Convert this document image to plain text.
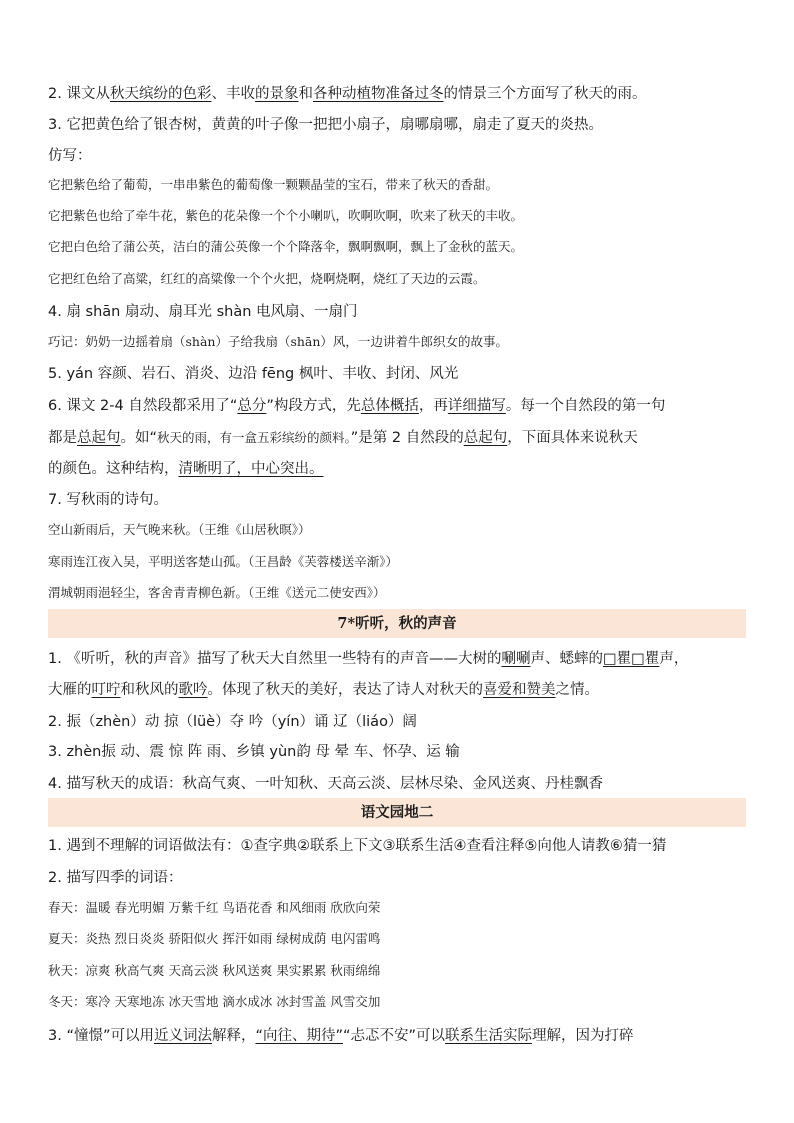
2. 课文从秋天缤纷的色彩、丰收的景象和各种动植物准备过冬的情景三个方面写了秋天的雨。
3. 它把黄色给了银杏树，黄黄的叶子像一把把小扇子，扇哪扇哪，扇走了夏天的炎热。
仿写：
它把紫色给了葡萄，一串串紫色的葡萄像一颗颗晶莹的宝石，带来了秋天的香甜。
它把紫色也给了牵牛花，紫色的花朵像一个个小喇叭，吹啊吹啊，吹来了秋天的丰收。
它把白色给了蒲公英，洁白的蒲公英像一个个降落伞，飘啊飘啊，飘上了金秋的蓝天。
它把红色给了高粱，红红的高粱像一个个火把，烧啊烧啊，烧红了天边的云霞。
4. 扇 shān 扇动、扇耳光 shàn 电风扇、一扇门
巧记：奶奶一边摇着扇（shàn）子给我扇（shān）风，一边讲着牛郎织女的故事。
5. yán 容颜、岩石、消炎、边沿 fēng 枫叶、丰收、封闭、风光
6. 课文 2-4 自然段都采用了“总分”构段方式，先总体概括，再详细描写。每一个自然段的第一句
都是总起句。如“秋天的雨，有一盒五彩缤纷的颜料。”是第 2 自然段的总起句，下面具体来说秋天
的颜色。这种结构，清晰明了，中心突出。
7. 写秋雨的诗句。
空山新雨后，天气晚来秋。（王维《山居秋暝》）
寒雨连江夜入吴，平明送客楚山孤。（王昌龄《芙蓉楼送辛渐》）
渭城朝雨浥轻尘，客舍青青柳色新。（王维《送元二使安西》）
7*听听，秋的声音
1. 《听听，秋的声音》描写了秋天大自然里一些特有的声音——大树的唰唰声、蟋蟀的□瞿□瞿声，
大雁的叮咛和秋风的歌吟。体现了秋天的美好，表达了诗人对秋天的喜爱和赞美之情。
2. 振（zhèn）动 掠（lüè）夺 吟（yín）诵 辽（liáo）阔
3. zhèn振 动、震 惊 阵 雨、乡镇 yùn韵 母 晕 车、怀孕、运 输
4. 描写秋天的成语：秋高气爽、一叶知秋、天高云淡、层林尽染、金风送爽、丹桂飘香
语文园地二
1. 遇到不理解的词语做法有：①查字典②联系上下文③联系生活④查看注释⑤向他人请教⑥猜一猜
2. 描写四季的词语：
春天：温暖 春光明媚 万紫千红 鸟语花香 和风细雨 欣欣向荣
夏天：炎热 烈日炎炎 骄阳似火 挥汗如雨 绿树成荫 电闪雷鸣
秋天：凉爽 秋高气爽 天高云淡 秋风送爽 果实累累 秋雨绵绵
冬天：寒冷 天寒地冻 冰天雪地 滴水成冰 冰封雪盖 风雪交加
3. “憧憬”可以用近义词法解释，“向往、期待”“忐忑不安”可以联系生活实际理解，因为打碎
